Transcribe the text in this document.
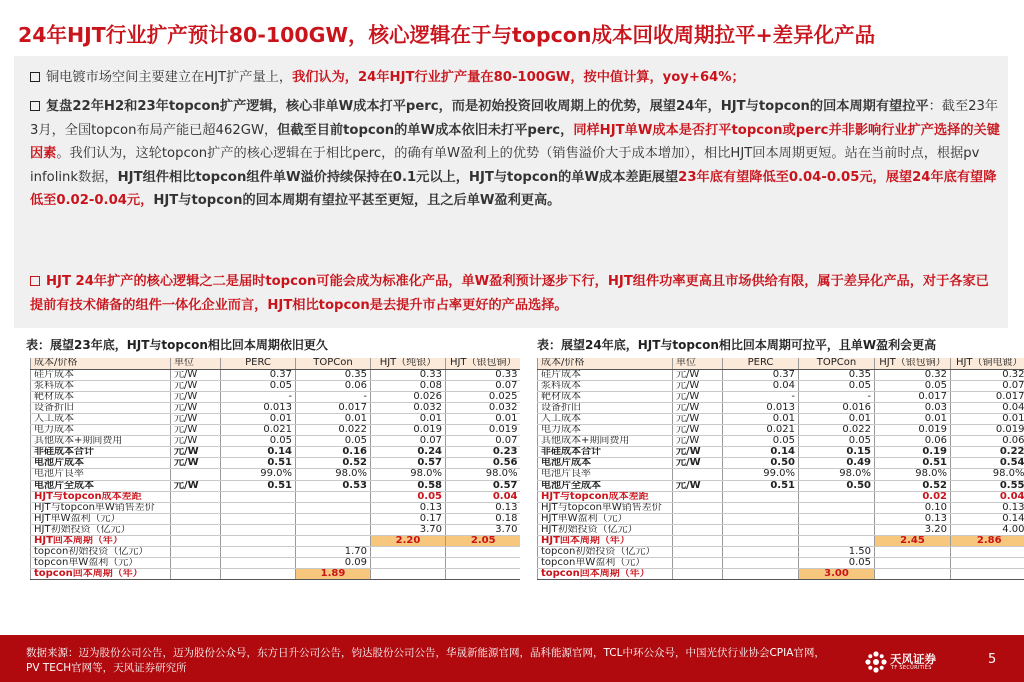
24年HJT行业扩产预计80-100GW，核心逻辑在于与topcon成本回收周期拉平+差异化产品
铜电镀市场空间主要建立在HJT扩产量上，我们认为，24年HJT行业扩产量在80-100GW，按中值计算，yoy+64%；
复盘22年H2和23年topcon扩产逻辑，核心非单W成本打平perc，而是初始投资回收周期上的优势，展望24年，HJT与topcon的回本周期有望拉平：截至23年3月，全国topcon布局产能已超462GW，但截至目前topcon的单W成本依旧未打平perc，同样HJT单W成本是否打平topcon或perc并非影响行业扩产选择的关键因素。我们认为，这轮topcon扩产的核心逻辑在于相比perc，的确有单W盈利上的优势（销售溢价大于成本增加），相比HJT回本周期更短。站在当前时点，根据pv infolink数据，HJT组件相比topcon组件单W溢价持续保持在0.1元以上，HJT与topcon的单W成本差距展望23年底有望降低至0.04-0.05元，展望24年底有望降低至0.02-0.04元，HJT与topcon的回本周期有望拉平甚至更短，且之后单W盈利更高。
HJT 24年扩产的核心逻辑之二是届时topcon可能会成为标准化产品，单W盈利预计逐步下行，HJT组件功率更高且市场供给有限，属于差异化产品，对于各家已提前有技术储备的组件一体化企业而言，HJT相比topcon是去提升市占率更好的产品选择。
表：展望23年底，HJT与topcon相比回本周期依旧更久	表：展望24年底，HJT与topcon相比回本周期可拉平，且单W盈利会更高
成本/价格	单位	PERC	TOPCon	HJT（纯银）	HJT（银包铜）
硅片成本	元/W	0.37	0.35	0.33	0.33
浆料成本	元/W	0.05	0.06	0.08	0.07
靶材成本	元/W	-	-	0.026	0.025
设备折旧	元/W	0.013	0.017	0.032	0.032
人工成本	元/W	0.01	0.01	0.01	0.01
电力成本	元/W	0.021	0.022	0.019	0.019
其他成本+期间费用	元/W	0.05	0.05	0.07	0.07
非硅成本合计	元/W	0.14	0.16	0.24	0.23
电池片成本	元/W	0.51	0.52	0.57	0.56
电池片良率		99.0%	98.0%	98.0%	98.0%
电池片全成本	元/W	0.51	0.53	0.58	0.57
HJT与topcon成本差距				0.05	0.04
HJT与topcon单W销售差价				0.13	0.13
HJT单W盈利（元）				0.17	0.18
HJT初始投资（亿元）				3.70	3.70
HJT回本周期（年）				2.20	2.05
topcon初始投资（亿元）			1.70		
topcon单W盈利（元）			0.09		
topcon回本周期（年）			1.89		
成本/价格	单位	PERC	TOPCon	HJT（银包铜）	HJT（铜电镀）
硅片成本	元/W	0.37	0.35	0.32	0.32
浆料成本	元/W	0.04	0.05	0.05	0.07
靶材成本	元/W	-	-	0.017	0.017
设备折旧	元/W	0.013	0.016	0.03	0.04
人工成本	元/W	0.01	0.01	0.01	0.01
电力成本	元/W	0.021	0.022	0.019	0.019
其他成本+期间费用	元/W	0.05	0.05	0.06	0.06
非硅成本合计	元/W	0.14	0.15	0.19	0.22
电池片成本	元/W	0.50	0.49	0.51	0.54
电池片良率		99.0%	98.0%	98.0%	98.0%
电池片全成本	元/W	0.51	0.50	0.52	0.55
HJT与topcon成本差距				0.02	0.04
HJT与topcon单W销售差价				0.10	0.13
HJT单W盈利（元）				0.13	0.14
HJT初始投资（亿元）				3.20	4.00
HJT回本周期（年）				2.45	2.86
topcon初始投资（亿元）			1.50		
topcon单W盈利（元）			0.05		
topcon回本周期（年）			3.00		
数据来源：迈为股份公司公告，迈为股份公众号，东方日升公司公告，钧达股份公司公告，华晟新能源官网，晶科能源官网，TCL中环公众号，中国光伏行业协会CPIA官网，PV TECH官网等，天风证券研究所
天风证券
TF SECURITIES
5
